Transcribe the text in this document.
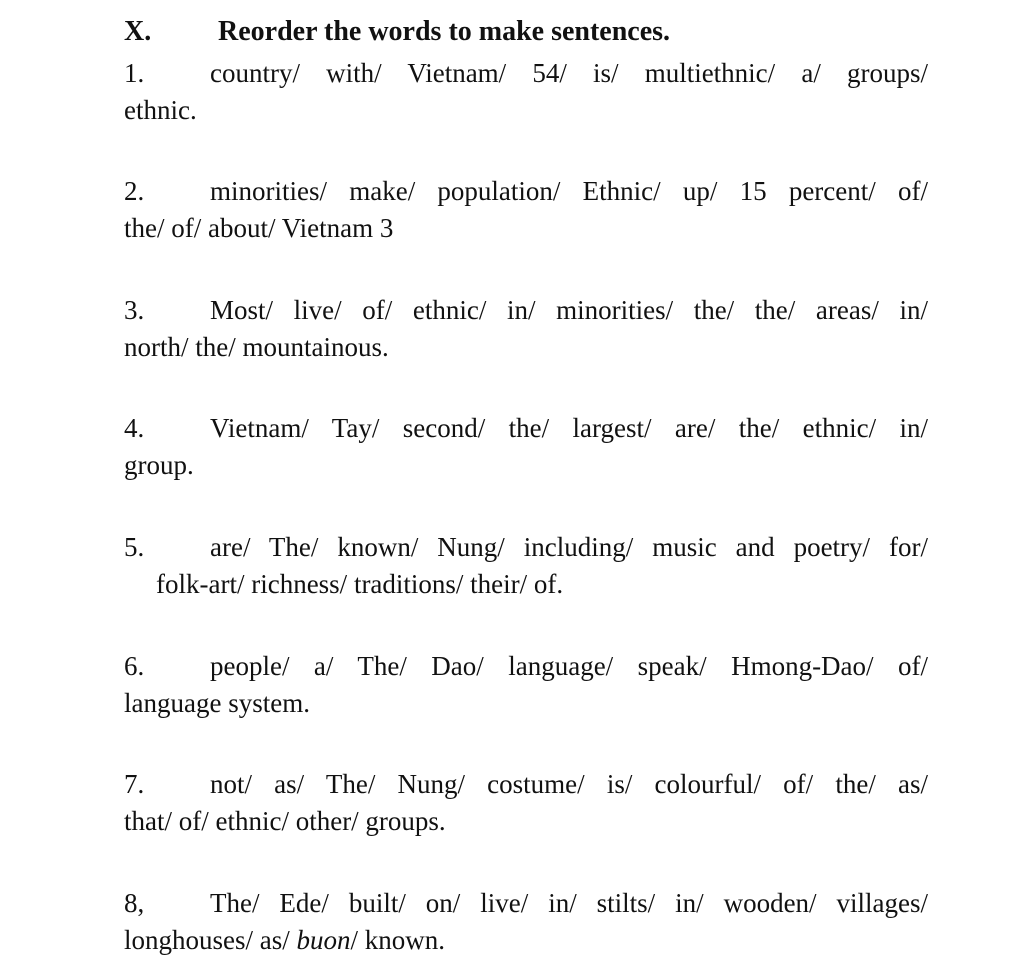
X. Reorder the words to make sentences.
1.	country/ with/ Vietnam/ 54/ is/ multiethnic/ a/ groups/
ethnic.
2.	minorities/ make/ population/ Ethnic/ up/ 15 percent/ of/
the/ of/ about/ Vietnam 3
3.	Most/ live/ of/ ethnic/ in/ minorities/ the/ the/ areas/ in/
north/ the/ mountainous.
4.	Vietnam/ Tay/ second/ the/ largest/ are/ the/ ethnic/ in/
group.
5.	are/ The/ known/ Nung/ including/ music and poetry/ for/
folk-art/ richness/ traditions/ their/ of.
6.	people/ a/ The/ Dao/ language/ speak/ Hmong-Dao/ of/
language system.
7.	not/ as/ The/ Nung/ costume/ is/ colourful/ of/ the/ as/
that/ of/ ethnic/ other/ groups.
8,	The/ Ede/ built/ on/ live/ in/ stilts/ in/ wooden/ villages/
longhouses/ as/ buon/ known.
